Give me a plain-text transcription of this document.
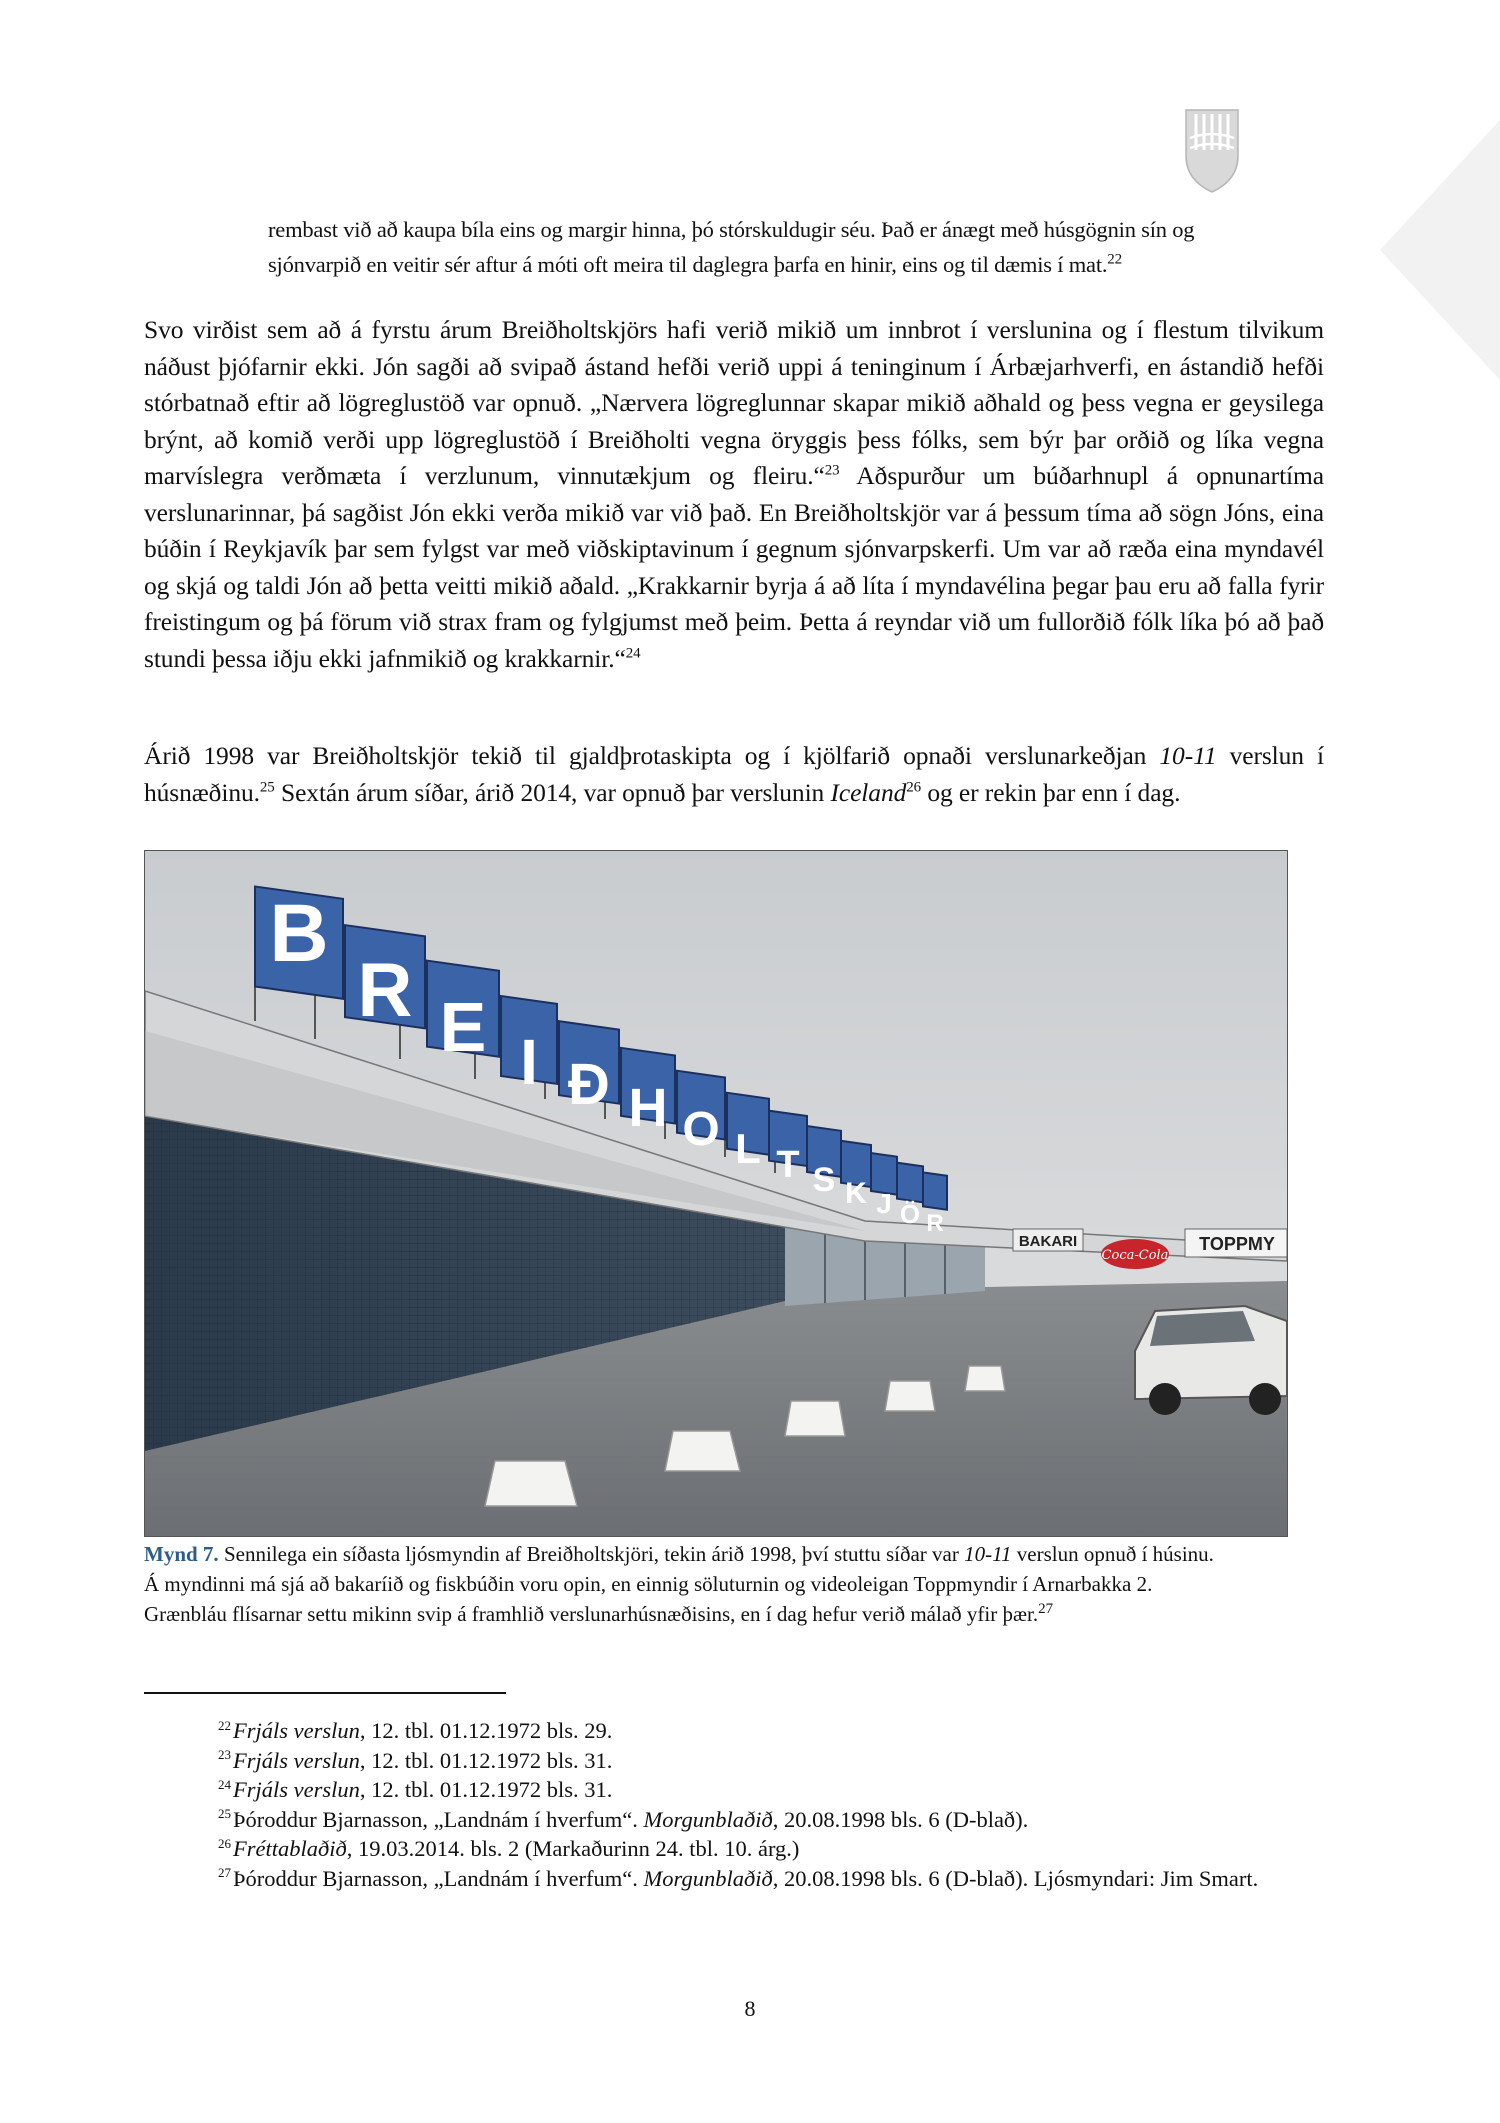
rembast við að kaupa bíla eins og margir hinna, þó stórskuldugir séu. Það er ánægt með húsgögnin sín og
sjónvarpið en veitir sér aftur á móti oft meira til daglegra þarfa en hinir, eins og til dæmis í mat.$^{22}$
Svo virðist sem að á fyrstu árum Breiðholtskjörs hafi verið mikið um innbrot í verslunina og í flestum tilvikum náðust þjófarnir ekki. Jón sagði að svipað ástand hefði verið uppi á teninginum í Árbæjarhverfi, en ástandið hefði stórbatnað eftir að lögreglustöð var opnuð. „Nærvera lögreglunnar skapar mikið aðhald og þess vegna er geysilega brýnt, að komið verði upp lögreglustöð í Breiðholti vegna öryggis þess fólks, sem býr þar orðið og líka vegna marvíslegra verðmæta í verzlunum, vinnutækjum og fleiru.“$^{23}$ Aðspurður um búðarhnupl á opnunartíma verslunarinnar, þá sagðist Jón ekki verða mikið var við það. En Breiðholtskjör var á þessum tíma að sögn Jóns, eina búðin í Reykjavík þar sem fylgst var með viðskiptavinum í gegnum sjónvarpskerfi. Um var að ræða eina myndavél og skjá og taldi Jón að þetta veitti mikið aðald. „Krakkarnir byrja á að líta í myndavélina þegar þau eru að falla fyrir freistingum og þá förum við strax fram og fylgjumst með þeim. Þetta á reyndar við um fullorðið fólk líka þó að það stundi þessa iðju ekki jafnmikið og krakkarnir.“$^{24}$
Árið 1998 var Breiðholtskjör tekið til gjaldþrotaskipta og í kjölfarið opnaði verslunarkeðjan 10-11 verslun í húsnæðinu.$^{25}$ Sextán árum síðar, árið 2014, var opnuð þar verslunin Iceland$^{26}$ og er rekin þar enn í dag.
B
R E I Ð H O L T S K J Ö R
BAKARI
Coca-Cola
TOPPMY
Mynd 7. Sennilega ein síðasta ljósmyndin af Breiðholtskjöri, tekin árið 1998, því stuttu síðar var 10-11 verslun opnuð í húsinu.
Á myndinni má sjá að bakaríið og fiskbúðin voru opin, en einnig söluturnin og videoleigan Toppmyndir í Arnarbakka 2.
Grænbláu flísarnar settu mikinn svip á framhlið verslunarhúsnæðisins, en í dag hefur verið málað yfir þær.$^{27}$
$^{22}$Frjáls verslun, 12. tbl. 01.12.1972 bls. 29.
$^{23}$Frjáls verslun, 12. tbl. 01.12.1972 bls. 31.
$^{24}$Frjáls verslun, 12. tbl. 01.12.1972 bls. 31.
$^{25}$Þóroddur Bjarnasson, „Landnám í hverfum“. Morgunblaðið, 20.08.1998 bls. 6 (D-blað).
$^{26}$Fréttablaðið, 19.03.2014. bls. 2 (Markaðurinn 24. tbl. 10. árg.)
$^{27}$Þóroddur Bjarnasson, „Landnám í hverfum“. Morgunblaðið, 20.08.1998 bls. 6 (D-blað). Ljósmyndari: Jim Smart.
8
